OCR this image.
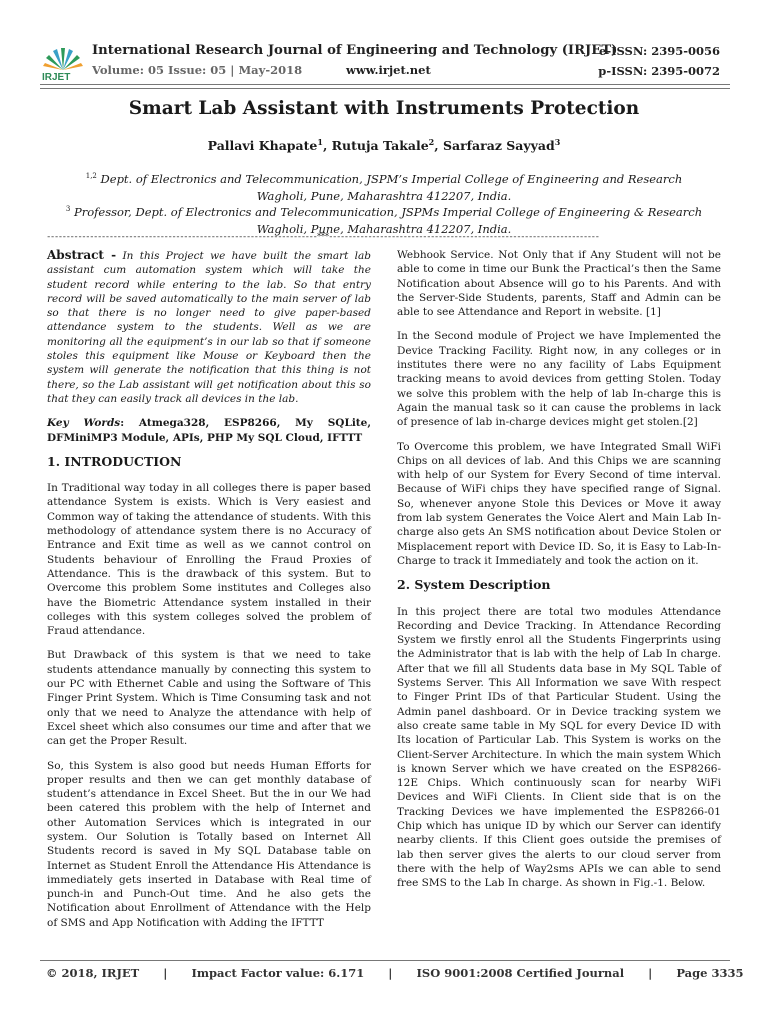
IRJET
International Research Journal of Engineering and Technology (IRJET)
Volume: 05 Issue: 05 | May-2018	www.irjet.net
e-ISSN: 2395-0056
p-ISSN: 2395-0072
Smart Lab Assistant with Instruments Protection
Pallavi Khapate$^1$, Rutuja Takale$^2$, Sarfaraz Sayyad$^3$
$^{1,2}$ Dept. of Electronics and Telecommunication, JSPM’s Imperial College of Engineering and Research Wagholi, Pune, Maharashtra 412207, India.
$^3$ Professor, Dept. of Electronics and Telecommunication, JSPMs Imperial College of Engineering & Research Wagholi, Pune, Maharashtra 412207, India.
---------------------------------------------------------------------***---------------------------------------------------------------------

Abstract - In this Project we have built the smart lab assistant cum automation system which will take the student record while entering to the lab. So that entry record will be saved automatically to the main server of lab so that there is no longer need to give paper-based attendance system to the students. Well as we are monitoring all the equipment’s in our lab so that if someone stoles this equipment like Mouse or Keyboard then the system will generate the notification that this thing is not there, so the Lab assistant will get notification about this so that they can easily track all devices in the lab.

Key Words: Atmega328, ESP8266, My SQLite, DFMiniMP3 Module, APIs, PHP My SQL Cloud, IFTTT

1. INTRODUCTION

In Traditional way today in all colleges there is paper based attendance System is exists. Which is Very easiest and Common way of taking the attendance of students. With this methodology of attendance system there is no Accuracy of Entrance and Exit time as well as we cannot control on Students behaviour of Enrolling the Fraud Proxies of Attendance. This is the drawback of this system. But to Overcome this problem Some institutes and Colleges also have the Biometric Attendance system installed in their colleges with this system colleges solved the problem of Fraud attendance.

But Drawback of this system is that we need to take students attendance manually by connecting this system to our PC with Ethernet Cable and using the Software of This Finger Print System. Which is Time Consuming task and not only that we need to Analyze the attendance with help of Excel sheet which also consumes our time and after that we can get the Proper Result.

So, this System is also good but needs Human Efforts for proper results and then we can get monthly database of student’s attendance in Excel Sheet. But the in our We had been catered this problem with the help of Internet and other Automation Services which is integrated in our system. Our Solution is Totally based on Internet All Students record is saved in My SQL Database table on Internet as Student Enroll the Attendance His Attendance is immediately gets inserted in Database with Real time of punch-in and Punch-Out time. And he also gets the Notification about Enrollment of Attendance with the Help of SMS and App Notification with Adding the IFTTT

Webhook Service. Not Only that if Any Student will not be able to come in time our Bunk the Practical’s then the Same Notification about Absence will go to his Parents. And with the Server-Side Students, parents, Staff and Admin can be able to see Attendance and Report in website. [1]

In the Second module of Project we have Implemented the Device Tracking Facility. Right now, in any colleges or in institutes there were no any facility of Labs Equipment tracking means to avoid devices from getting Stolen. Today we solve this problem with the help of lab In-charge this is Again the manual task so it can cause the problems in lack of presence of lab in-charge devices might get stolen.[2]

To Overcome this problem, we have Integrated Small WiFi Chips on all devices of lab. And this Chips we are scanning with help of our System for Every Second of time interval. Because of WiFi chips they have specified range of Signal. So, whenever anyone Stole this Devices or Move it away from lab system Generates the Voice Alert and Main Lab In-charge also gets An SMS notification about Device Stolen or Misplacement report with Device ID. So, it is Easy to Lab-In-Charge to track it Immediately and took the action on it.

2. System Description

In this project there are total two modules Attendance Recording and Device Tracking. In Attendance Recording System we firstly enrol all the Students Fingerprints using the Administrator that is lab with the help of Lab In charge. After that we fill all Students data base in My SQL Table of Systems Server. This All Information we save With respect to Finger Print IDs of that Particular Student. Using the Admin panel dashboard. Or in Device tracking system we also create same table in My SQL for every Device ID with Its location of Particular Lab. This System is works on the Client-Server Architecture. In which the main system Which is known Server which we have created on the ESP8266-12E Chips. Which continuously scan for nearby WiFi Devices and WiFi Clients. In Client side that is on the Tracking Devices we have implemented the ESP8266-01 Chip which has unique ID by which our Server can identify nearby clients. If this Client goes outside the premises of lab then server gives the alerts to our cloud server from there with the help of Way2sms APIs we can able to send free SMS to the Lab In charge. As shown in Fig.-1. Below.

© 2018, IRJET      |      Impact Factor value: 6.171      |      ISO 9001:2008 Certified Journal      |      Page 3335
